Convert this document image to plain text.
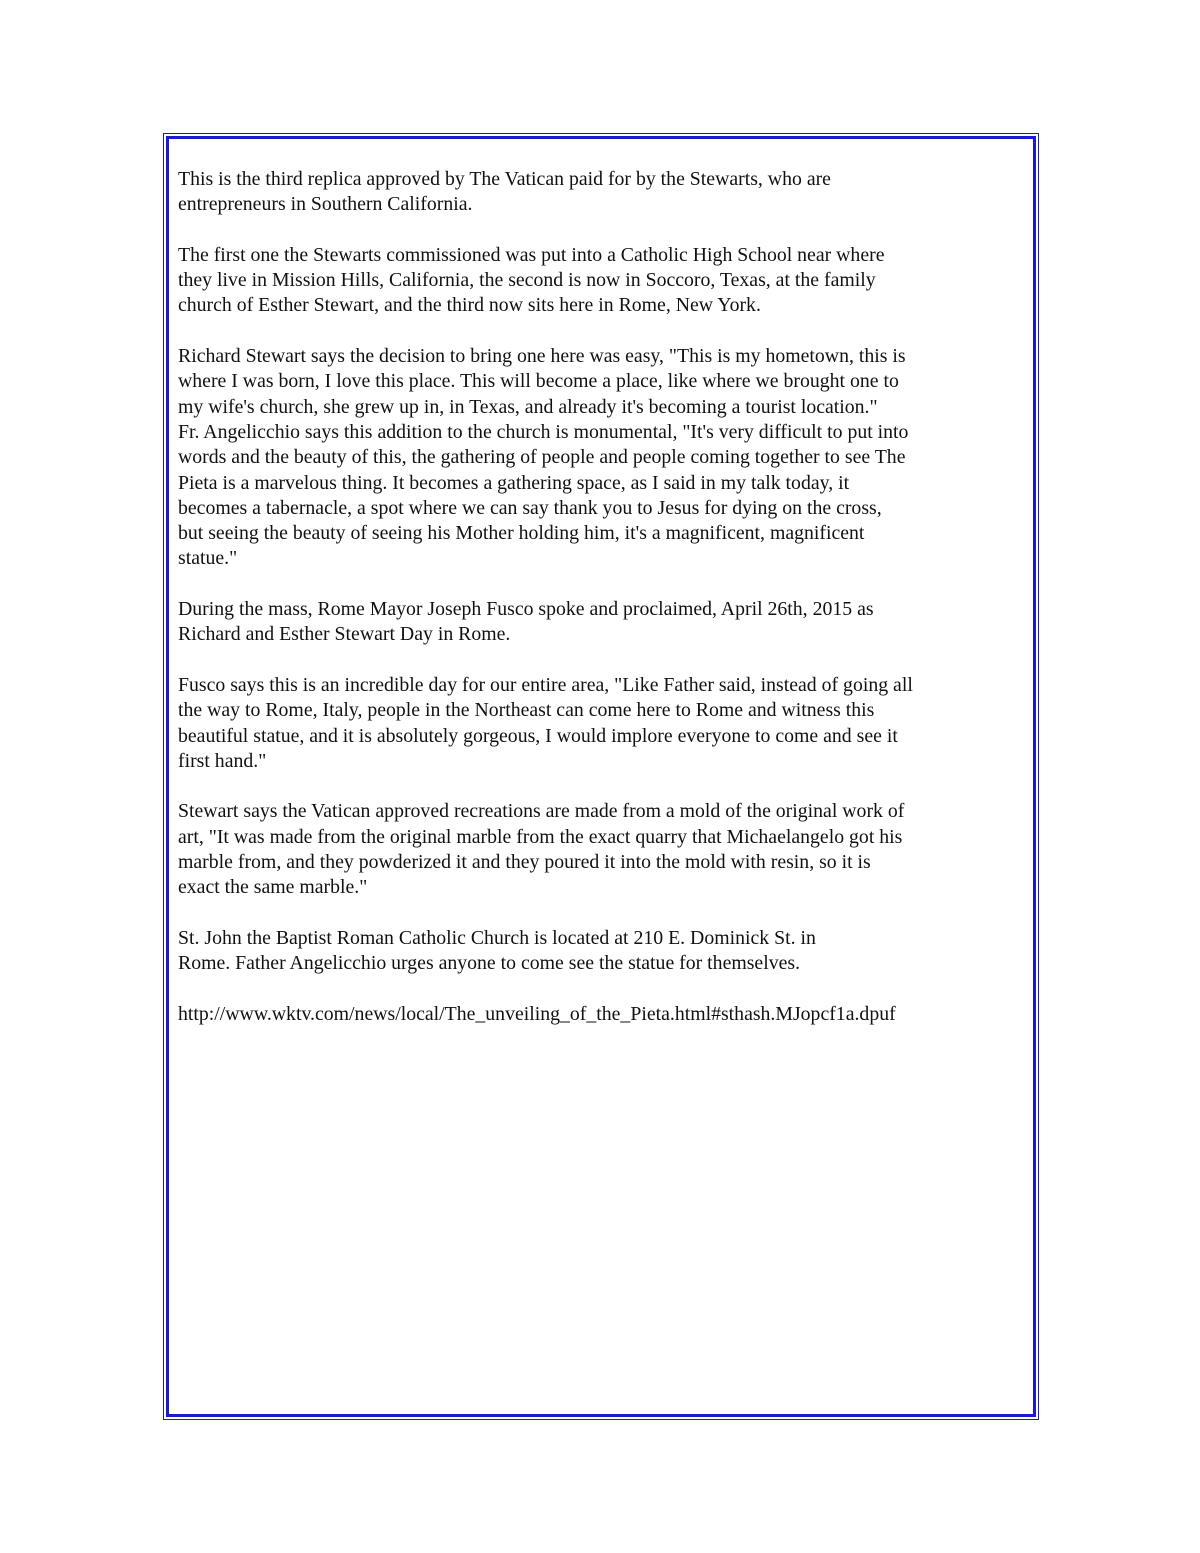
This is the third replica approved by The Vatican paid for by the Stewarts, who are
entrepreneurs in Southern California.

The first one the Stewarts commissioned was put into a Catholic High School near where
they live in Mission Hills, California, the second is now in Soccoro, Texas, at the family
church of Esther Stewart, and the third now sits here in Rome, New York.

Richard Stewart says the decision to bring one here was easy, "This is my hometown, this is
where I was born, I love this place. This will become a place, like where we brought one to
my wife's church, she grew up in, in Texas, and already it's becoming a tourist location."
Fr. Angelicchio says this addition to the church is monumental, "It's very difficult to put into
words and the beauty of this, the gathering of people and people coming together to see The
Pieta is a marvelous thing. It becomes a gathering space, as I said in my talk today, it
becomes a tabernacle, a spot where we can say thank you to Jesus for dying on the cross,
but seeing the beauty of seeing his Mother holding him, it's a magnificent, magnificent
statue."

During the mass, Rome Mayor Joseph Fusco spoke and proclaimed, April 26th, 2015 as
Richard and Esther Stewart Day in Rome.

Fusco says this is an incredible day for our entire area, "Like Father said, instead of going all
the way to Rome, Italy, people in the Northeast can come here to Rome and witness this
beautiful statue, and it is absolutely gorgeous, I would implore everyone to come and see it
first hand."

Stewart says the Vatican approved recreations are made from a mold of the original work of
art, "It was made from the original marble from the exact quarry that Michaelangelo got his
marble from, and they powderized it and they poured it into the mold with resin, so it is
exact the same marble."

St. John the Baptist Roman Catholic Church is located at 210 E. Dominick St. in
Rome. Father Angelicchio urges anyone to come see the statue for themselves.

http://www.wktv.com/news/local/The_unveiling_of_the_Pieta.html#sthash.MJopcf1a.dpuf
